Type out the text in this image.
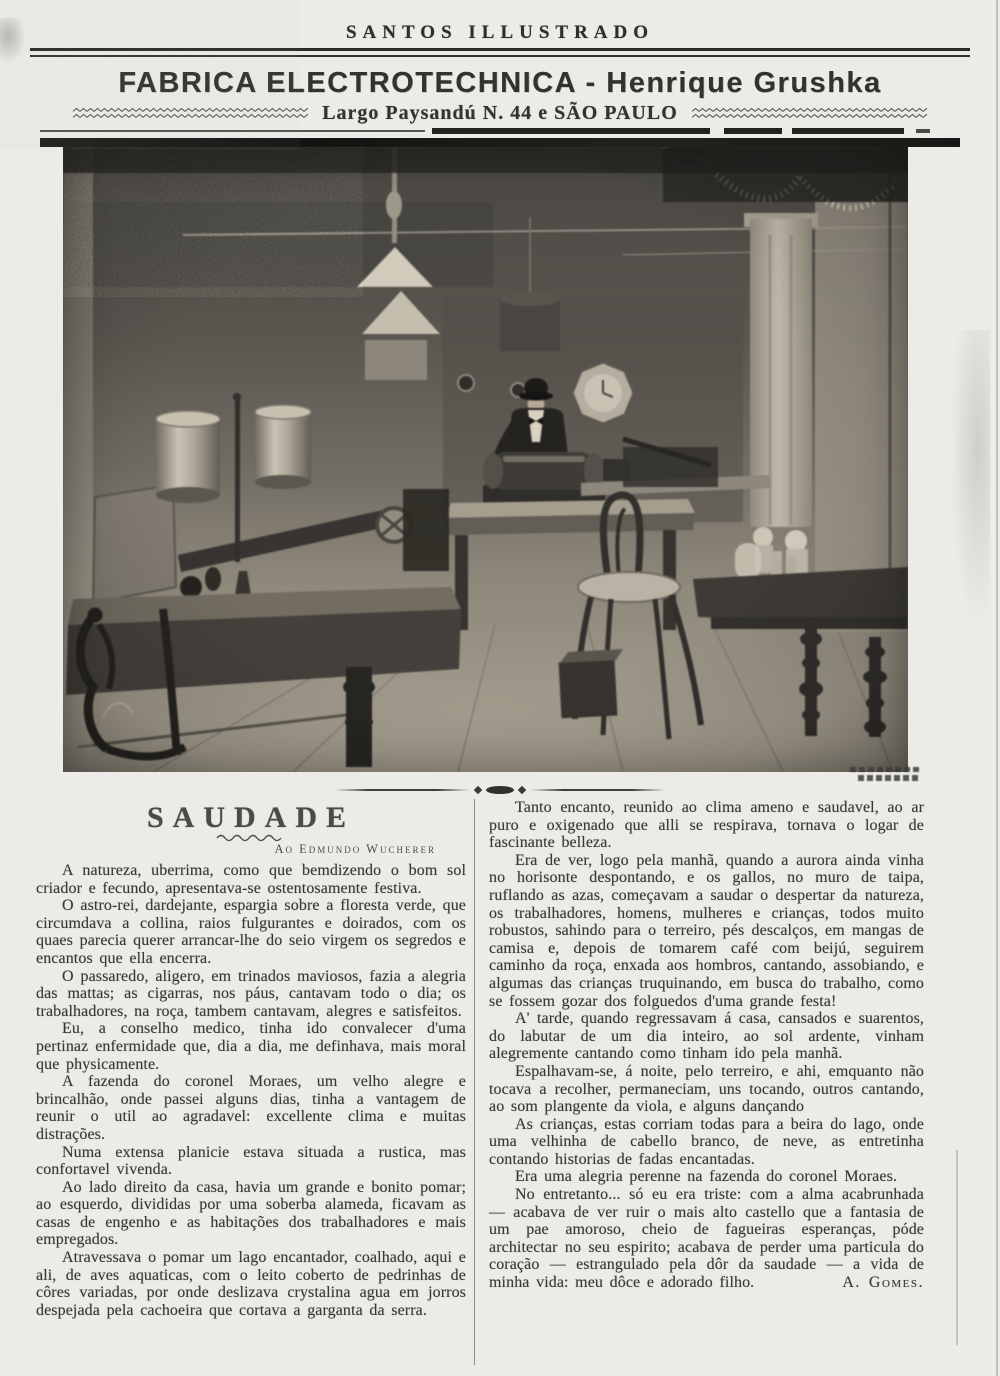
SANTOS ILLUSTRADO
FABRICA ELECTROTECHNICA - Henrique Grushka
Largo Paysandú N. 44 e SÃO PAULO
SAUDADE
Ao Edmundo Wucherer

A natureza, uberrima, como que bemdizendo o bom sol criador e fecundo, apresentava-se ostentosamente festiva.

O astro-rei, dardejante, espargia sobre a floresta verde, que circumdava a collina, raios fulgurantes e doirados, com os quaes parecia querer arrancar-lhe do seio virgem os segredos e encantos que ella encerra.

O passaredo, aligero, em trinados maviosos, fazia a alegria das mattas; as cigarras, nos páus, cantavam todo o dia; os trabalhadores, na roça, tambem cantavam, alegres e satisfeitos.

Eu, a conselho medico, tinha ido convalecer d'uma pertinaz enfermidade que, dia a dia, me definhava, mais moral que physicamente.

A fazenda do coronel Moraes, um velho alegre e brincalhão, onde passei alguns dias, tinha a vantagem de reunir o util ao agradavel: excellente clima e muitas distrações.

Numa extensa planicie estava situada a rustica, mas confortavel vivenda.

Ao lado direito da casa, havia um grande e bonito pomar; ao esquerdo, divididas por uma soberba alameda, ficavam as casas de engenho e as habitações dos trabalhadores e mais empregados.

Atravessava o pomar um lago encantador, coalhado, aqui e ali, de aves aquaticas, com o leito coberto de pedrinhas de côres variadas, por onde deslizava crystalina agua em jorros despejada pela cachoeira que cortava a garganta da serra.

Tanto encanto, reunido ao clima ameno e saudavel, ao ar puro e oxigenado que alli se respirava, tornava o logar de fascinante belleza.

Era de ver, logo pela manhã, quando a aurora ainda vinha no horisonte despontando, e os gallos, no muro de taipa, ruflando as azas, começavam a saudar o despertar da natureza, os trabalhadores, homens, mulheres e crianças, todos muito robustos, sahindo para o terreiro, pés descalços, em mangas de camisa e, depois de tomarem café com beijú, seguirem caminho da roça, enxada aos hombros, cantando, assobiando, e algumas das crianças truquinando, em busca do trabalho, como se fossem gozar dos folguedos d'uma grande festa!

A' tarde, quando regressavam á casa, cansados e suarentos, do labutar de um dia inteiro, ao sol ardente, vinham alegremente cantando como tinham ido pela manhã.

Espalhavam-se, á noite, pelo terreiro, e ahi, emquanto não tocava a recolher, permaneciam, uns tocando, outros cantando, ao som plangente da viola, e alguns dançando

As crianças, estas corriam todas para a beira do lago, onde uma velhinha de cabello branco, de neve, as entretinha contando historias de fadas encantadas.

Era uma alegria perenne na fazenda do coronel Moraes.

No entretanto... só eu era triste: com a alma acabrunhada — acabava de ver ruir o mais alto castello que a fantasia de um pae amoroso, cheio de fagueiras esperanças, póde architectar no seu espirito; acabava de perder uma particula do coração — estrangulado pela dôr da saudade — a vida de minha vida: meu dôce e adorado filho.	A. Gomes.
